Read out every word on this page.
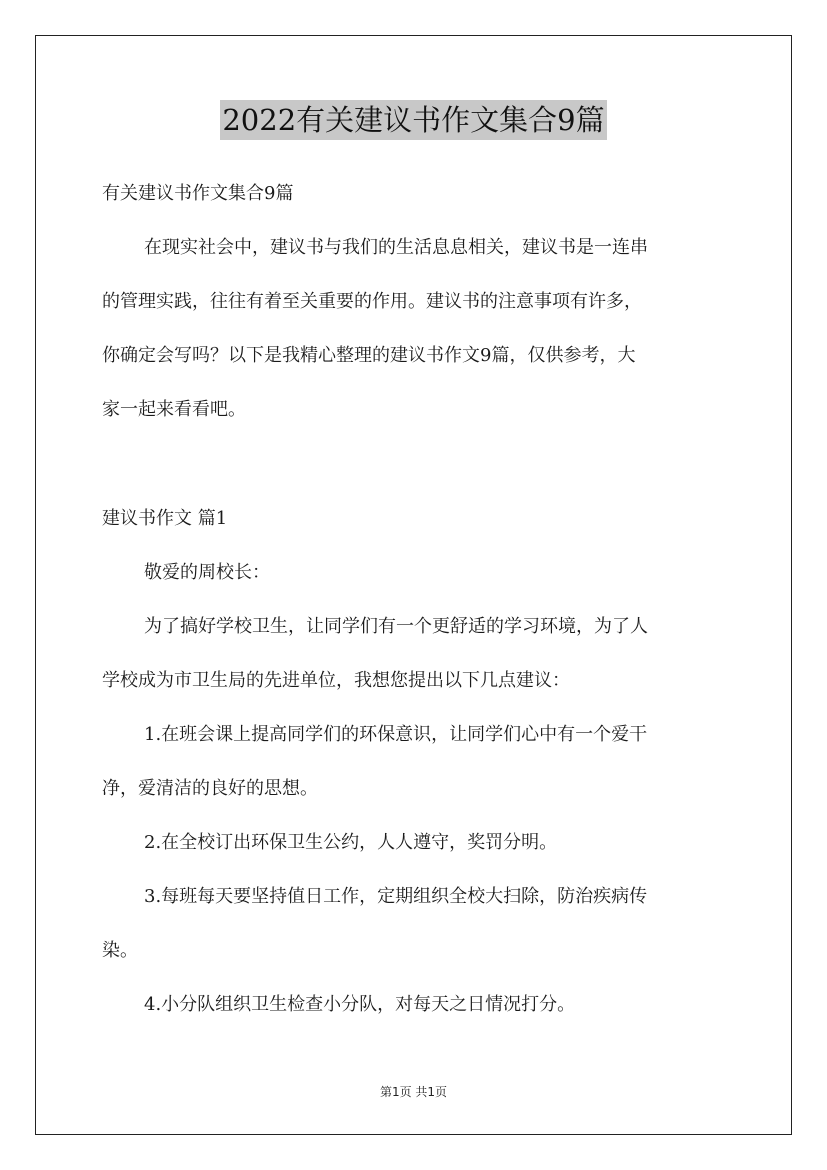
2022有关建议书作文集合9篇
有关建议书作文集合9篇
在现实社会中，建议书与我们的生活息息相关，建议书是一连串
的管理实践，往往有着至关重要的作用。建议书的注意事项有许多，
你确定会写吗？以下是我精心整理的建议书作文9篇，仅供参考，大
家一起来看看吧。
建议书作文 篇1
敬爱的周校长：
为了搞好学校卫生，让同学们有一个更舒适的学习环境，为了人
学校成为市卫生局的先进单位，我想您提出以下几点建议：
1.在班会课上提高同学们的环保意识，让同学们心中有一个爱干
净，爱清洁的良好的思想。
2.在全校订出环保卫生公约，人人遵守，奖罚分明。
3.每班每天要坚持值日工作，定期组织全校大扫除，防治疾病传
染。
4.小分队组织卫生检查小分队，对每天之日情况打分。
第1页 共1页
